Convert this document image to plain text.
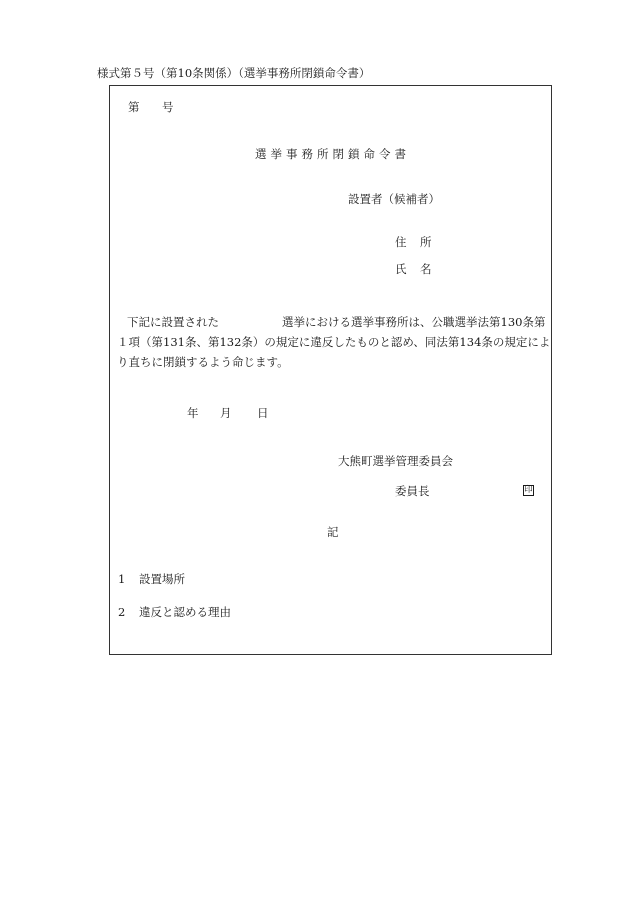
様式第５号（第10条関係）（選挙事務所閉鎖命令書）
第 号
選挙事務所閉鎖命令書
設置者（候補者）
住 所
氏 名
下記に設置された	選挙における選挙事務所は、公職選挙法第130条第
１項（第131条、第132条）の規定に違反したものと認め、同法第134条の規定によ
り直ちに閉鎖するよう命じます。
年 月 日
大熊町選挙管理委員会
委員長	印
記
1 設置場所
2 違反と認める理由
